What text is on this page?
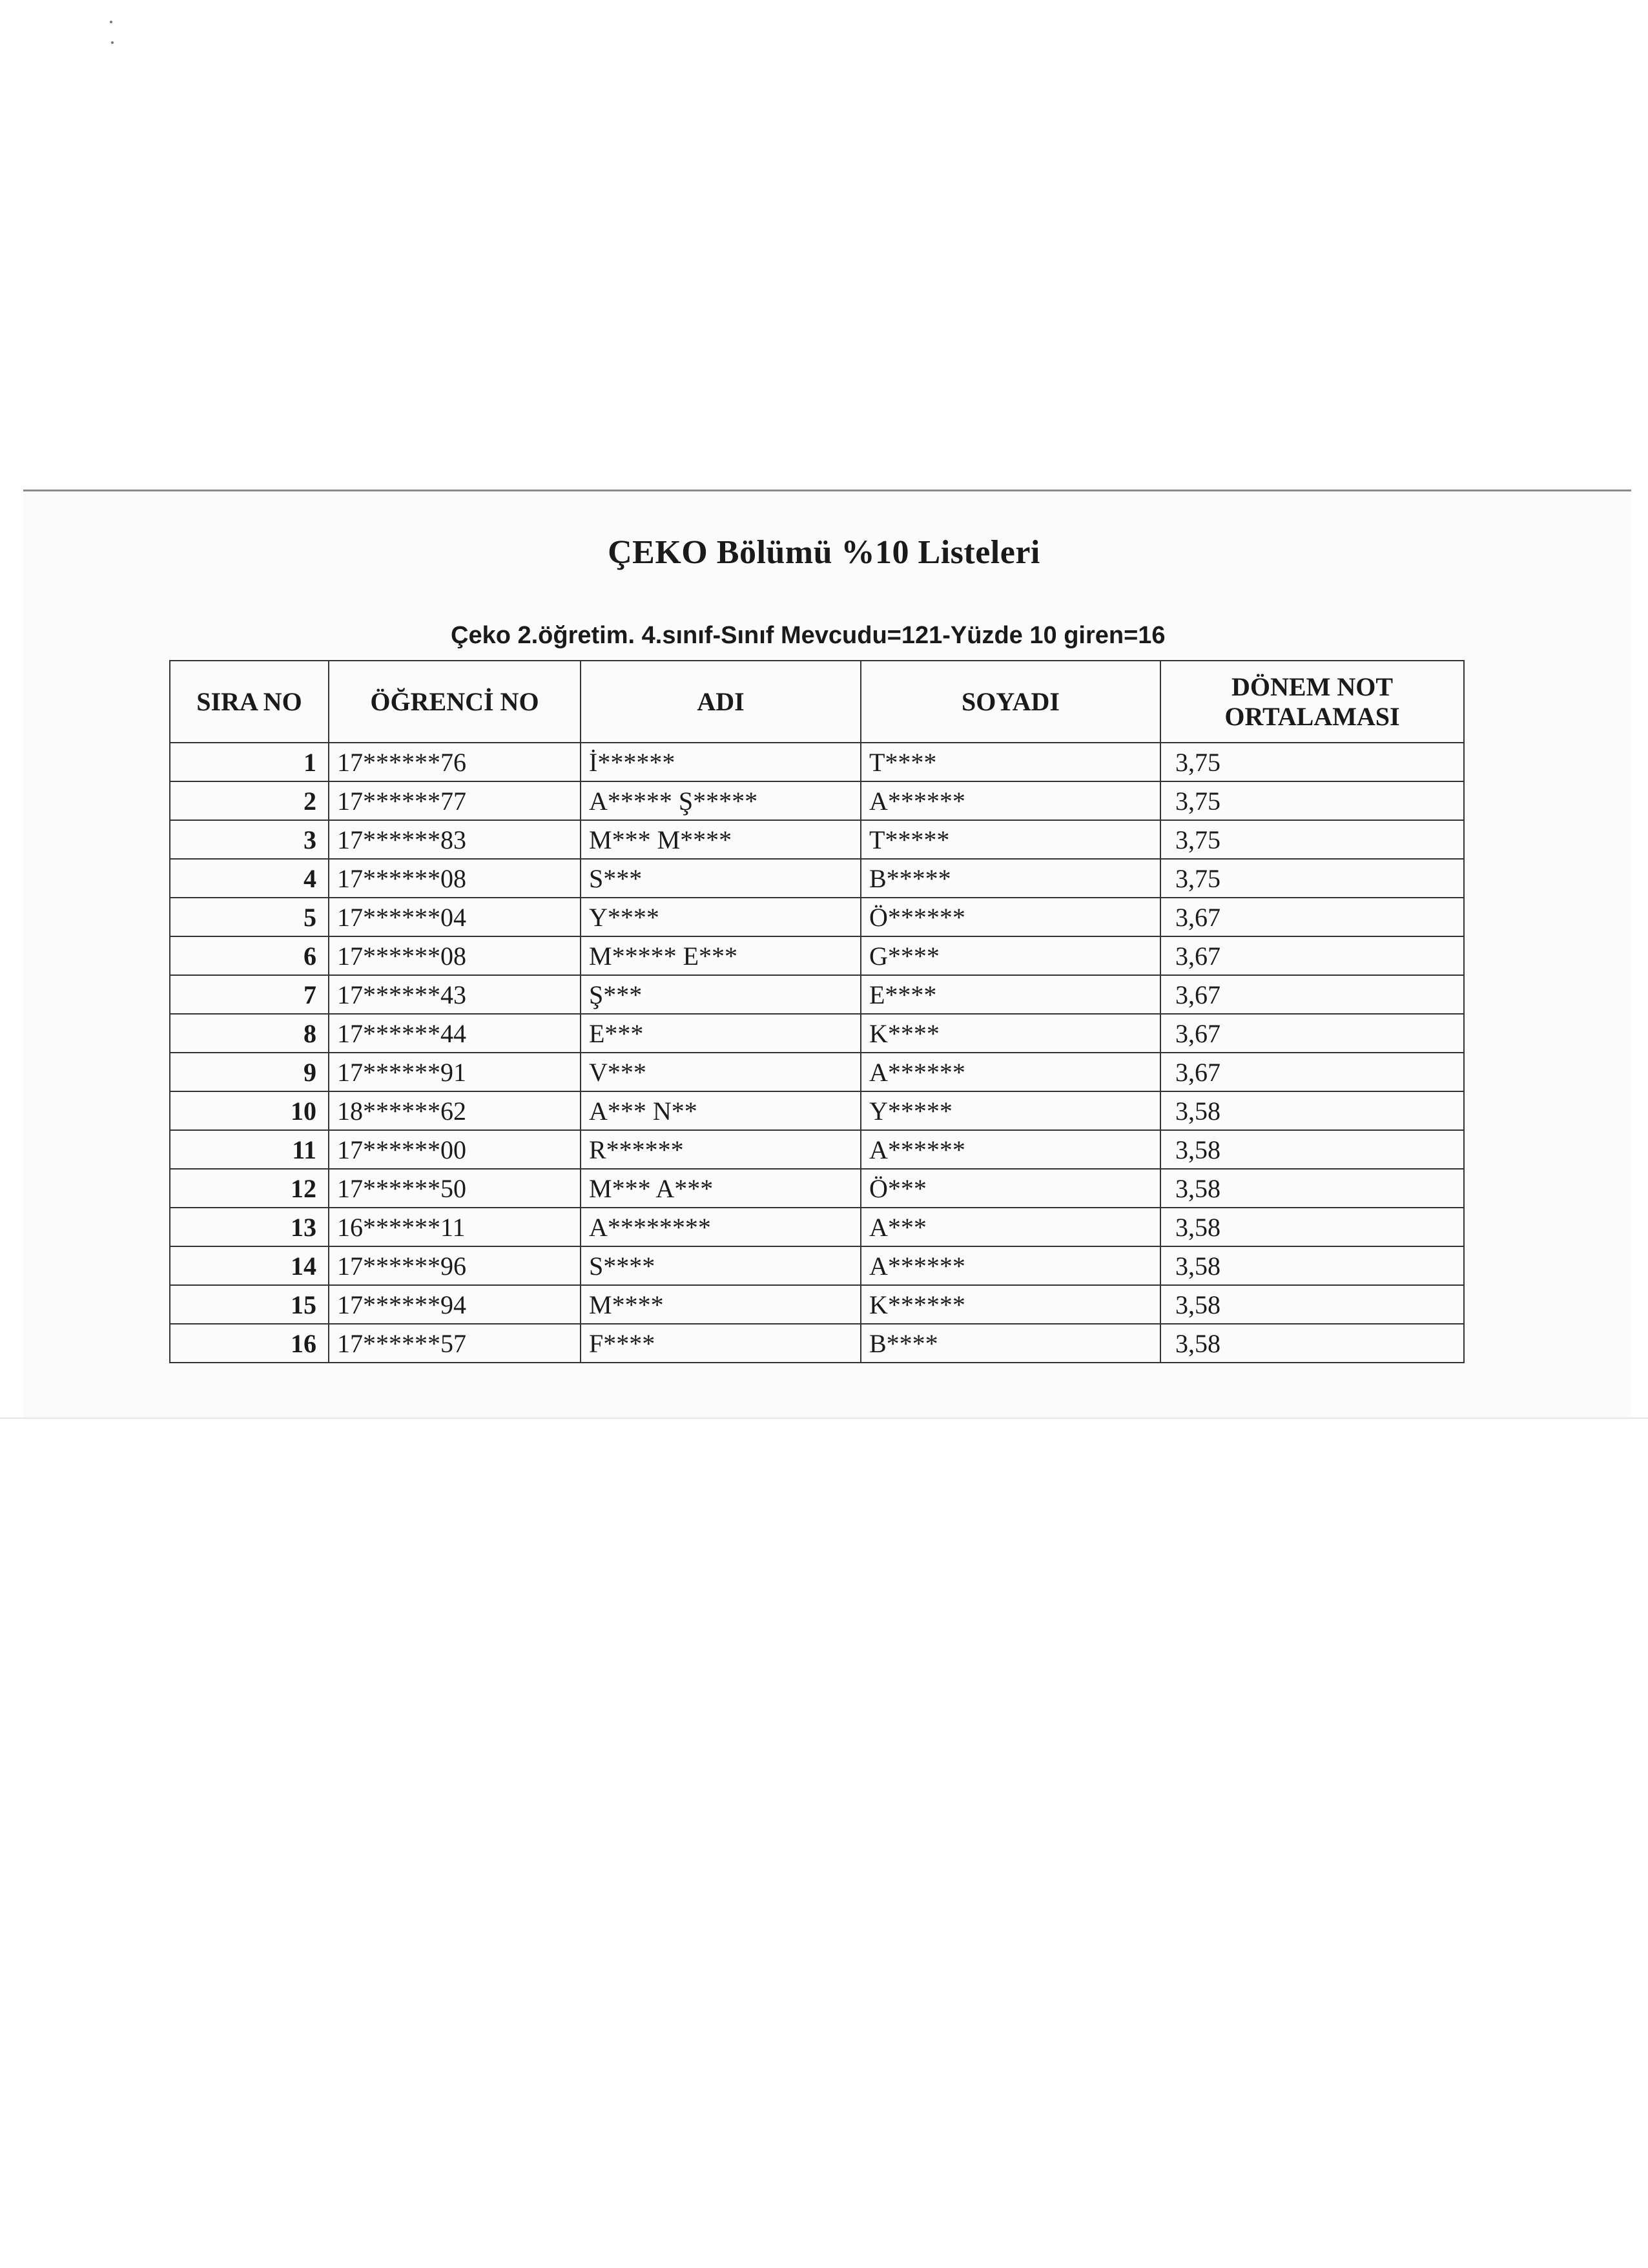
ÇEKO Bölümü %10 Listeleri
Çeko 2.öğretim. 4.sınıf-Sınıf Mevcudu=121-Yüzde 10 giren=16
SIRA NO	ÖĞRENCİ NO	ADI	SOYADI	DÖNEM NOT ORTALAMASI
1	17******76	İ******	T****	3,75
2	17******77	A***** Ş*****	A******	3,75
3	17******83	M*** M****	T*****	3,75
4	17******08	S***	B*****	3,75
5	17******04	Y****	Ö******	3,67
6	17******08	M***** E***	G****	3,67
7	17******43	Ş***	E****	3,67
8	17******44	E***	K****	3,67
9	17******91	V***	A******	3,67
10	18******62	A*** N**	Y*****	3,58
11	17******00	R******	A******	3,58
12	17******50	M*** A***	Ö***	3,58
13	16******11	A********	A***	3,58
14	17******96	S****	A******	3,58
15	17******94	M****	K******	3,58
16	17******57	F****	B****	3,58
